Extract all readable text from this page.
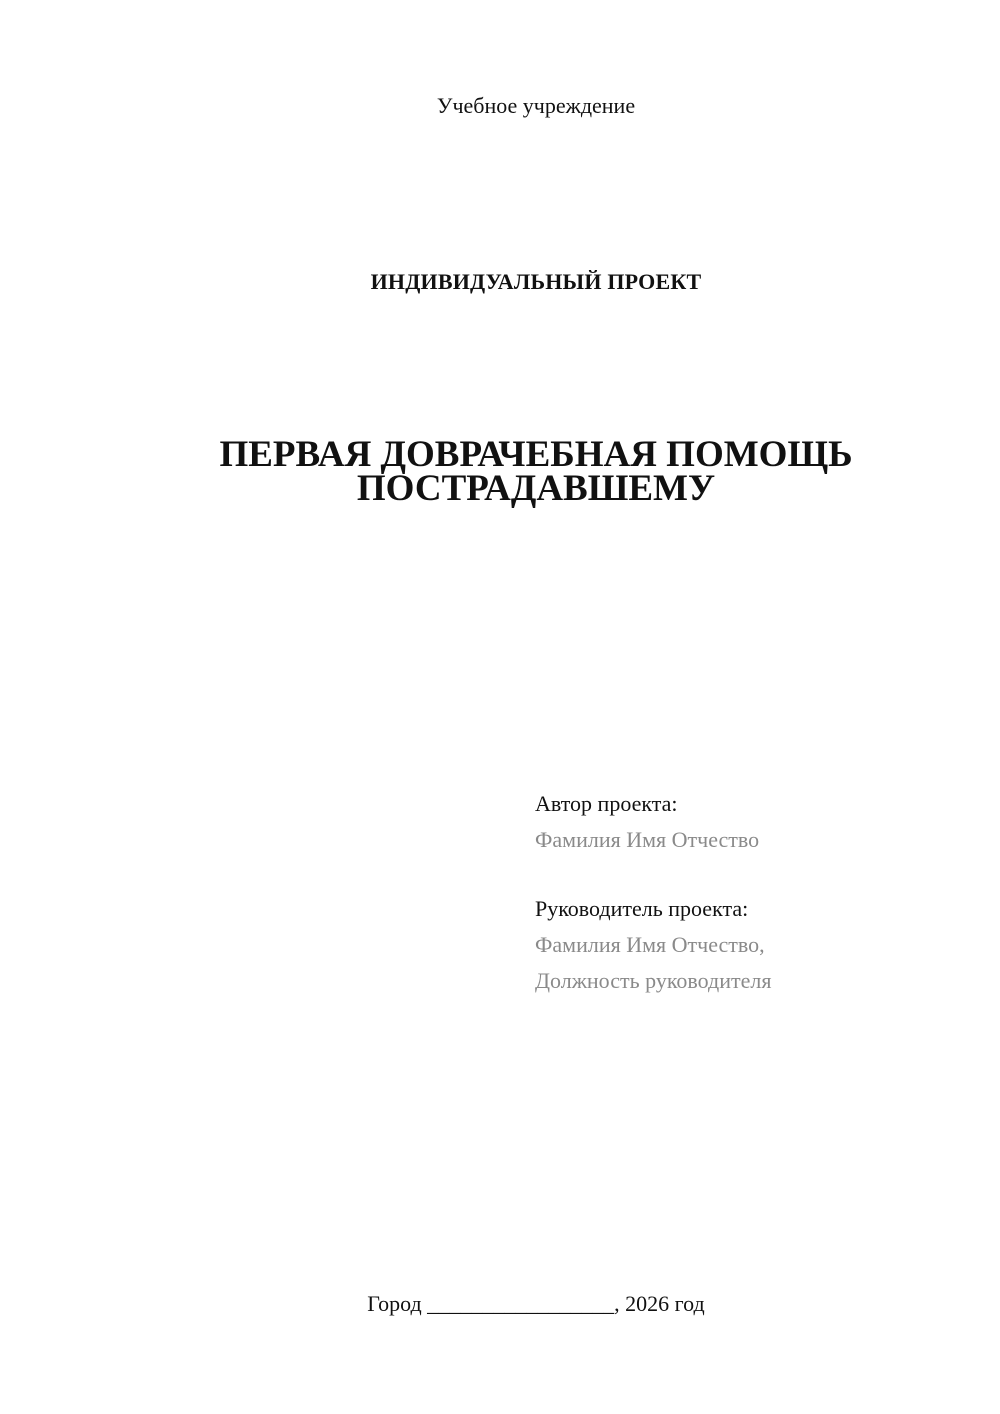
Учебное учреждение
ИНДИВИДУАЛЬНЫЙ ПРОЕКТ
ПЕРВАЯ ДОВРАЧЕБНАЯ ПОМОЩЬ
ПОСТРАДАВШЕМУ
Автор проекта:
Фамилия Имя Отчество
Руководитель проекта:
Фамилия Имя Отчество,
Должность руководителя
Город _________________, 2026 год
